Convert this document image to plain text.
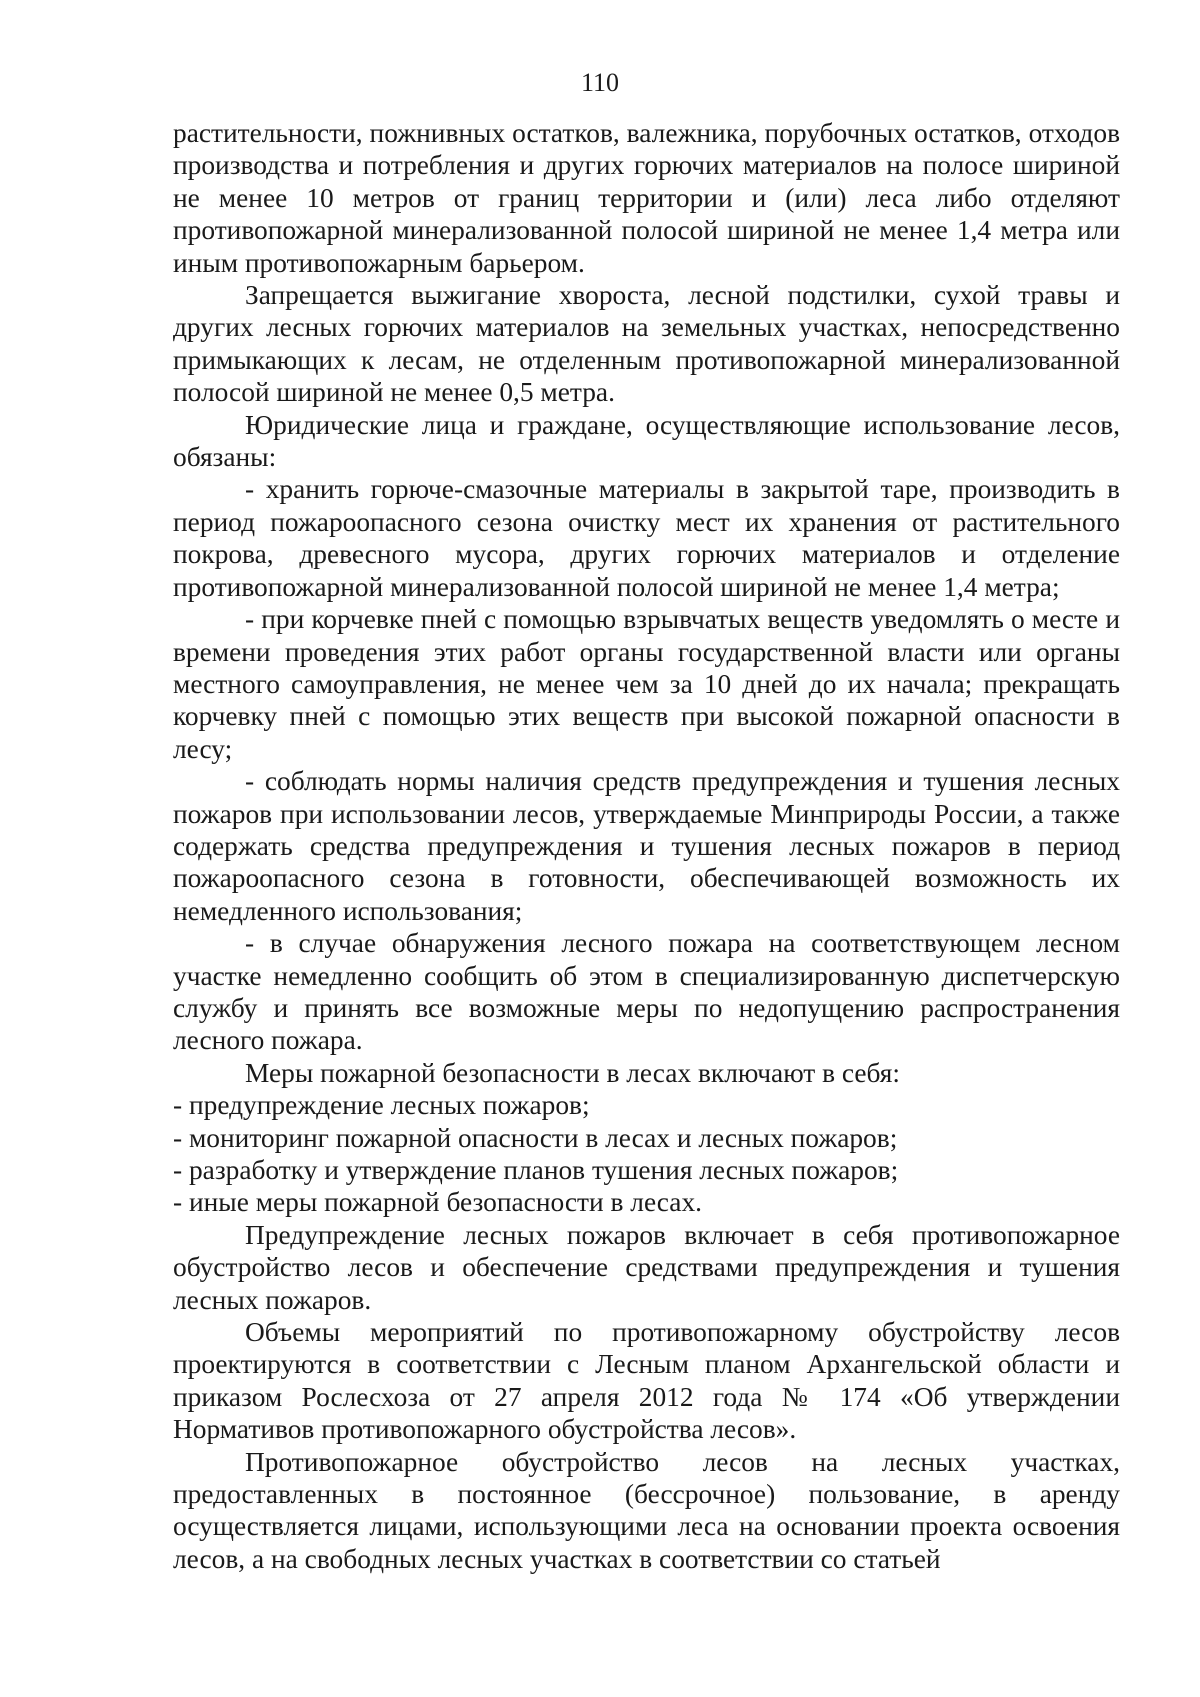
110

растительности, пожнивных остатков, валежника, порубочных остатков, отходов производства и потребления и других горючих материалов на полосе шириной не менее 10 метров от границ территории и (или) леса либо отделяют противопожарной минерализованной полосой шириной не менее 1,4 метра или иным противопожарным барьером.

Запрещается выжигание хвороста, лесной подстилки, сухой травы и других лесных горючих материалов на земельных участках, непосредственно примыкающих к лесам, не отделенным противопожарной минерализованной полосой шириной не менее 0,5 метра.

Юридические лица и граждане, осуществляющие использование лесов, обязаны:

- хранить горюче-смазочные материалы в закрытой таре, производить в период пожароопасного сезона очистку мест их хранения от растительного покрова, древесного мусора, других горючих материалов и отделение противопожарной минерализованной полосой шириной не менее 1,4 метра;

- при корчевке пней с помощью взрывчатых веществ уведомлять о месте и времени проведения этих работ органы государственной власти или органы местного самоуправления, не менее чем за 10 дней до их начала; прекращать корчевку пней с помощью этих веществ при высокой пожарной опасности в лесу;

- соблюдать нормы наличия средств предупреждения и тушения лесных пожаров при использовании лесов, утверждаемые Минприроды России, а также содержать средства предупреждения и тушения лесных пожаров в период пожароопасного сезона в готовности, обеспечивающей возможность их немедленного использования;

- в случае обнаружения лесного пожара на соответствующем лесном участке немедленно сообщить об этом в специализированную диспетчерскую службу и принять все возможные меры по недопущению распространения лесного пожара.

Меры пожарной безопасности в лесах включают в себя:

- предупреждение лесных пожаров;

- мониторинг пожарной опасности в лесах и лесных пожаров;

- разработку и утверждение планов тушения лесных пожаров;

- иные меры пожарной безопасности в лесах.

Предупреждение лесных пожаров включает в себя противопожарное обустройство лесов и обеспечение средствами предупреждения и тушения лесных пожаров.

Объемы мероприятий по противопожарному обустройству лесов проектируются в соответствии с Лесным планом Архангельской области и приказом Рослесхоза от 27 апреля 2012 года № 174 «Об утверждении Нормативов противопожарного обустройства лесов».

Противопожарное обустройство лесов на лесных участках, предоставленных в постоянное (бессрочное) пользование, в аренду осуществляется лицами, использующими леса на основании проекта освоения лесов, а на свободных лесных участках в соответствии со статьей
